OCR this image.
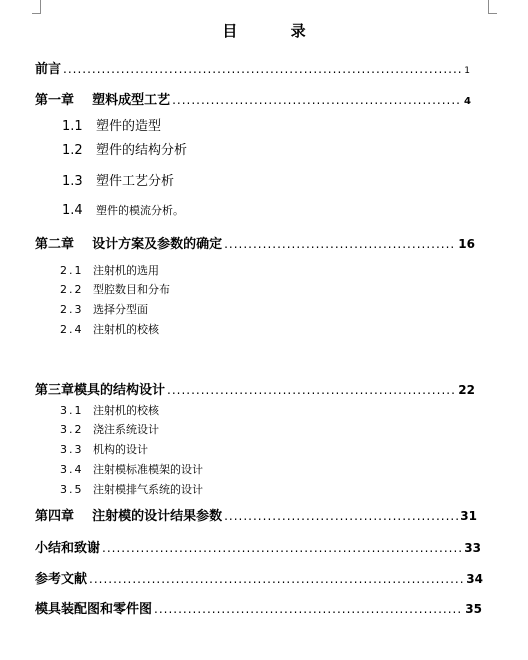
目 录
前言 .....	1
第一章    塑料成型工艺 .....	4
1.1 塑件的造型
1.2 塑件的结构分析
1.3 塑件工艺分析
1.4 塑件的模流分析。
第二章    设计方案及参数的确定 .....	16
2.1 注射机的选用
2.2 型腔数目和分布
2.3 选择分型面
2.4 注射机的校核
第三章模具的结构设计 .....	22
3.1 注射机的校核
3.2 浇注系统设计
3.3 机构的设计
3.4 注射模标准模架的设计
3.5 注射模排气系统的设计
第四章    注射模的设计结果参数 .....	31
小结和致谢 .....	33
参考文献 .....	34
模具装配图和零件图 .....	35
